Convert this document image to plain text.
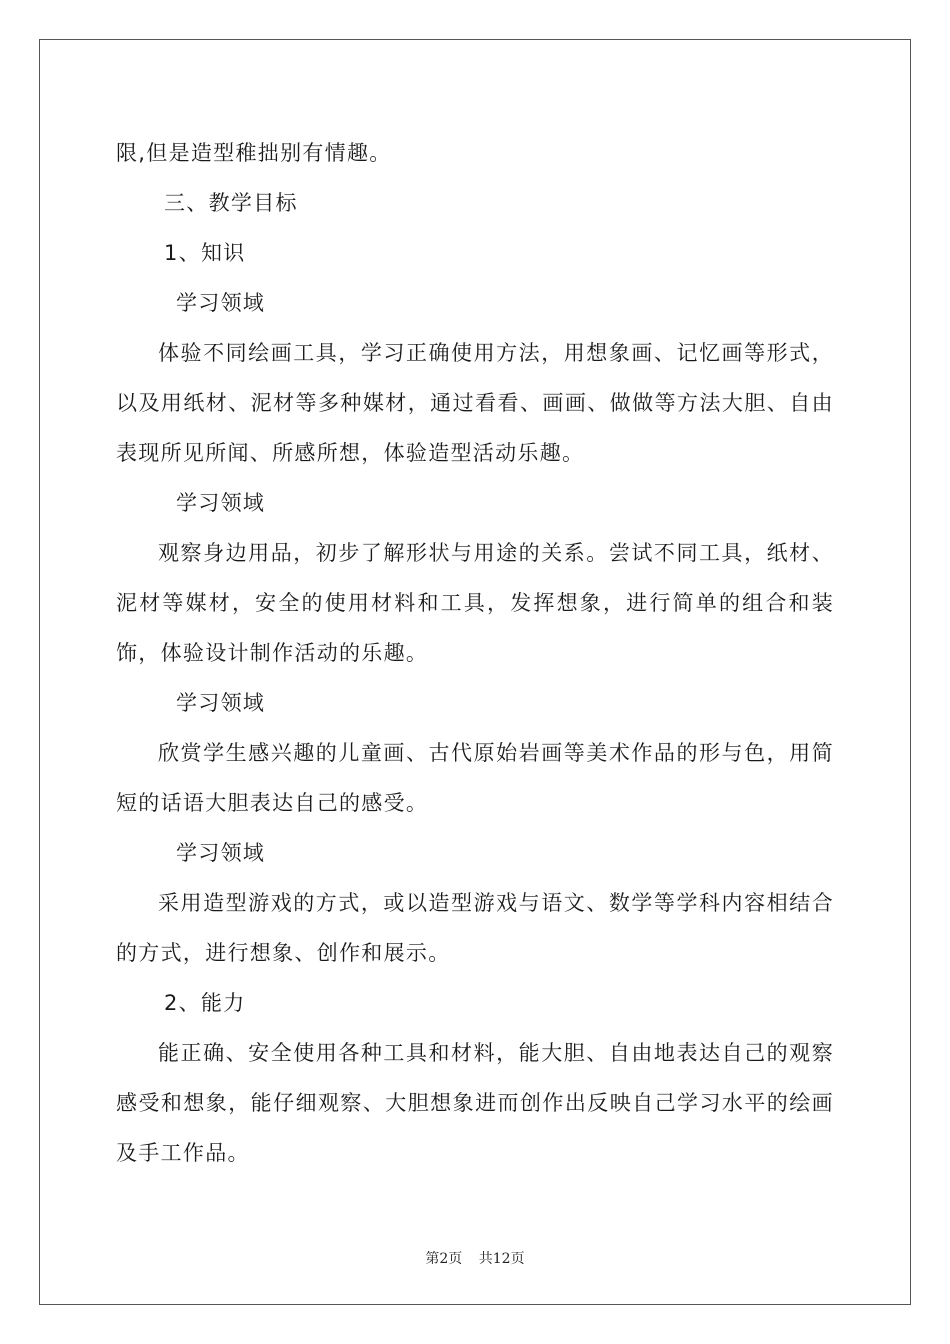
限,但是造型稚拙别有情趣。

三、教学目标

1、知识

学习领域

体验不同绘画工具，学习正确使用方法，用想象画、记忆画等形式，以及用纸材、泥材等多种媒材，通过看看、画画、做做等方法大胆、自由表现所见所闻、所感所想，体验造型活动乐趣。

学习领域

观察身边用品，初步了解形状与用途的关系。尝试不同工具，纸材、泥材等媒材，安全的使用材料和工具，发挥想象，进行简单的组合和装饰，体验设计制作活动的乐趣。

学习领域

欣赏学生感兴趣的儿童画、古代原始岩画等美术作品的形与色，用简短的话语大胆表达自己的感受。

学习领域

采用造型游戏的方式，或以造型游戏与语文、数学等学科内容相结合的方式，进行想象、创作和展示。

2、能力

能正确、安全使用各种工具和材料，能大胆、自由地表达自己的观察感受和想象，能仔细观察、大胆想象进而创作出反映自己学习水平的绘画及手工作品。

第2页 共12页
